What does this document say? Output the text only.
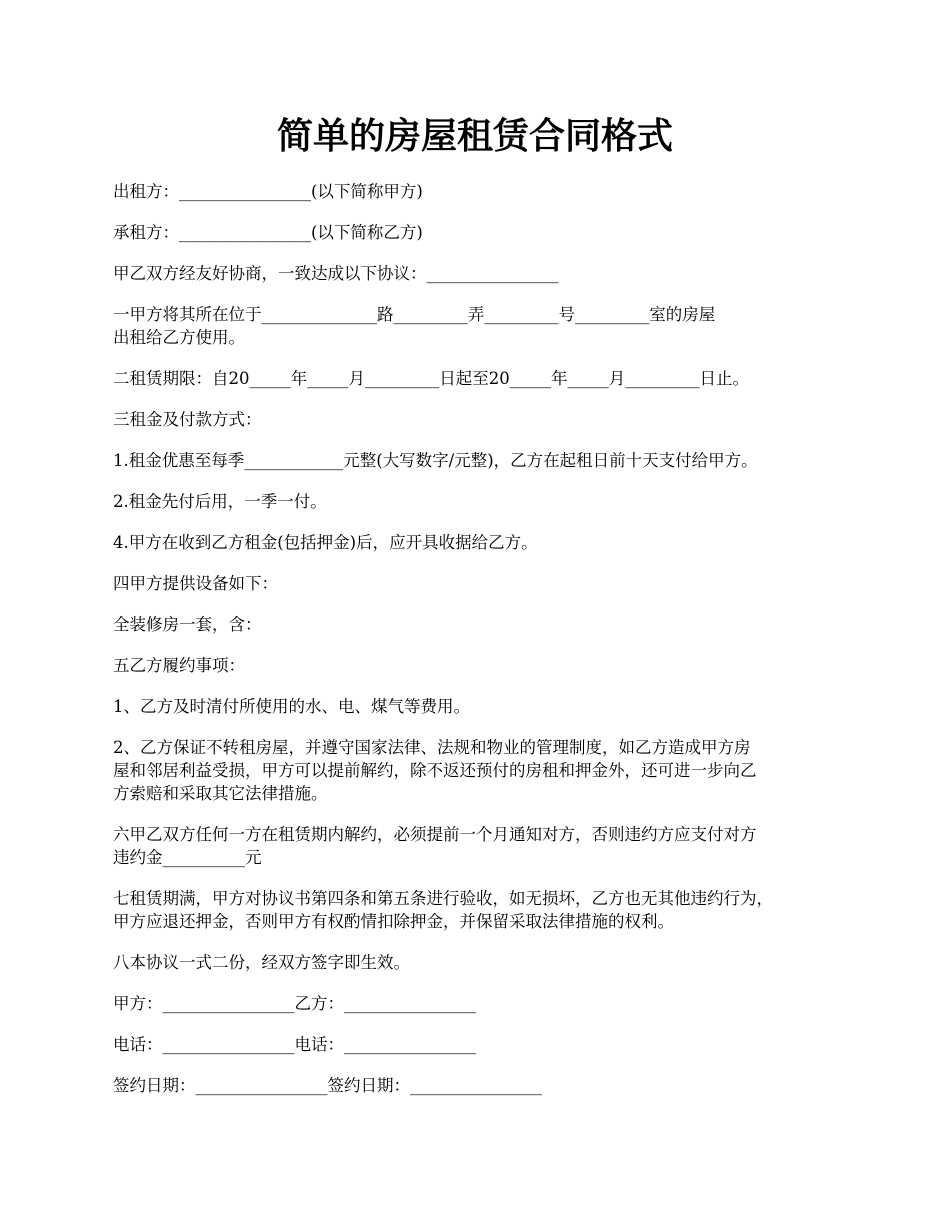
简单的房屋租赁合同格式

出租方：________________(以下简称甲方)

承租方：________________(以下简称乙方)

甲乙双方经友好协商，一致达成以下协议：________________

一甲方将其所在位于______________路_________弄_________号_________室的房屋
出租给乙方使用。

二租赁期限：自20_____年_____月_________日起至20_____年_____月_________日止。

三租金及付款方式：

1.租金优惠至每季____________元整(大写数字/元整)，乙方在起租日前十天支付给甲方。

2.租金先付后用，一季一付。

4.甲方在收到乙方租金(包括押金)后，应开具收据给乙方。

四甲方提供设备如下：

全装修房一套，含：

五乙方履约事项：

1、乙方及时清付所使用的水、电、煤气等费用。

2、乙方保证不转租房屋，并遵守国家法律、法规和物业的管理制度，如乙方造成甲方房
屋和邻居利益受损，甲方可以提前解约，除不返还预付的房租和押金外，还可进一步向乙
方索赔和采取其它法律措施。

六甲乙双方任何一方在租赁期内解约，必须提前一个月通知对方，否则违约方应支付对方
违约金__________元

七租赁期满，甲方对协议书第四条和第五条进行验收，如无损坏，乙方也无其他违约行为，
甲方应退还押金，否则甲方有权酌情扣除押金，并保留采取法律措施的权利。

八本协议一式二份，经双方签字即生效。

甲方：________________乙方：________________

电话：________________电话：________________

签约日期：________________签约日期：________________
